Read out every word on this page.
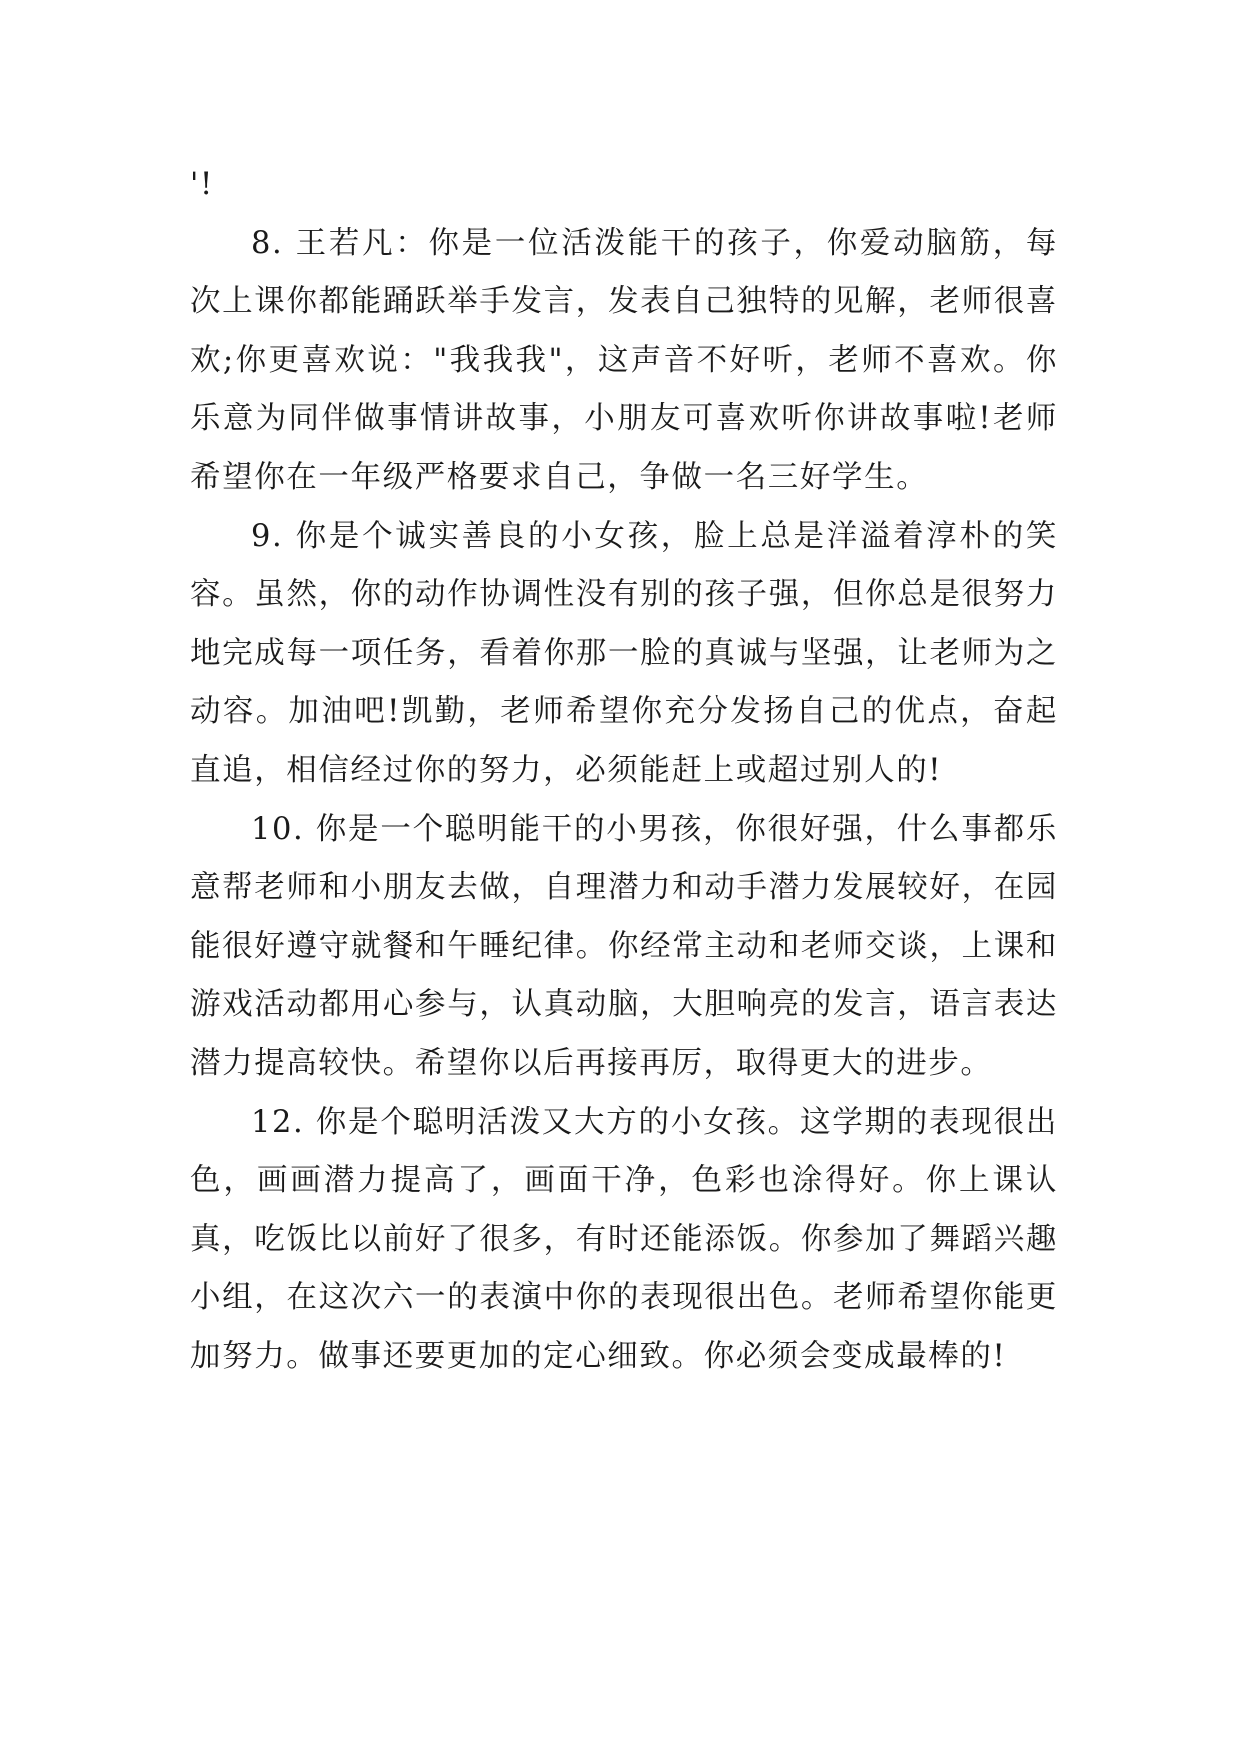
'!

8. 王若凡：你是一位活泼能干的孩子，你爱动脑筋，每次上课你都能踊跃举手发言，发表自己独特的见解，老师很喜欢;你更喜欢说："我我我"，这声音不好听，老师不喜欢。你乐意为同伴做事情讲故事，小朋友可喜欢听你讲故事啦!老师希望你在一年级严格要求自己，争做一名三好学生。

9. 你是个诚实善良的小女孩，脸上总是洋溢着淳朴的笑容。虽然，你的动作协调性没有别的孩子强，但你总是很努力地完成每一项任务，看着你那一脸的真诚与坚强，让老师为之动容。加油吧!凯勤，老师希望你充分发扬自己的优点，奋起直追，相信经过你的努力，必须能赶上或超过别人的!

10. 你是一个聪明能干的小男孩，你很好强，什么事都乐意帮老师和小朋友去做，自理潜力和动手潜力发展较好，在园能很好遵守就餐和午睡纪律。你经常主动和老师交谈，上课和游戏活动都用心参与，认真动脑，大胆响亮的发言，语言表达潜力提高较快。希望你以后再接再厉，取得更大的进步。

12. 你是个聪明活泼又大方的小女孩。这学期的表现很出色，画画潜力提高了，画面干净，色彩也涂得好。你上课认真，吃饭比以前好了很多，有时还能添饭。你参加了舞蹈兴趣小组，在这次六一的表演中你的表现很出色。老师希望你能更加努力。做事还要更加的定心细致。你必须会变成最棒的!
